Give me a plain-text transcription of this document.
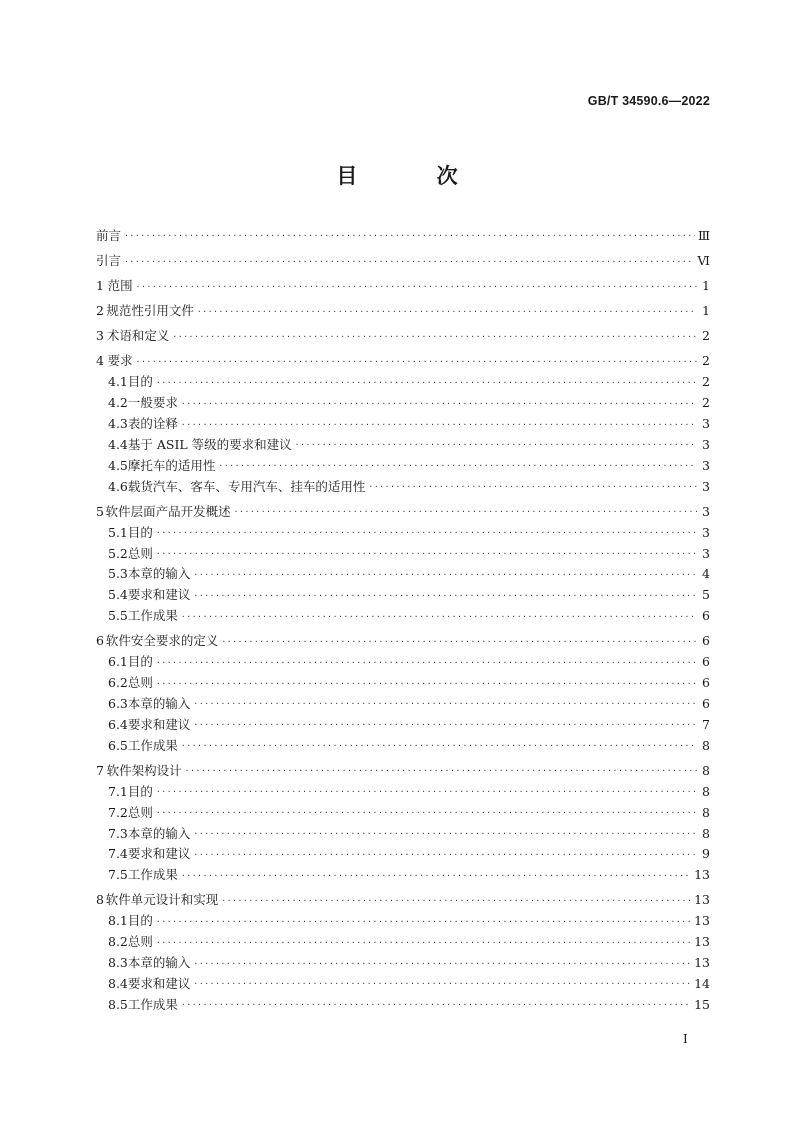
GB/T 34590.6—2022
目 次
前言 ·····	Ⅲ
引言 ·····	Ⅵ
1 范围 ·····	1
2 规范性引用文件 ·····	1
3 术语和定义 ·····	2
4 要求 ·····	2
4.1 目的 ·····	2
4.2 一般要求 ·····	2
4.3 表的诠释 ·····	3
4.4 基于 ASIL 等级的要求和建议 ·····	3
4.5 摩托车的适用性 ·····	3
4.6 载货汽车、客车、专用汽车、挂车的适用性 ·····	3
5 软件层面产品开发概述 ·····	3
5.1 目的 ·····	3
5.2 总则 ·····	3
5.3 本章的输入 ·····	4
5.4 要求和建议 ·····	5
5.5 工作成果 ·····	6
6 软件安全要求的定义 ·····	6
6.1 目的 ·····	6
6.2 总则 ·····	6
6.3 本章的输入 ·····	6
6.4 要求和建议 ·····	7
6.5 工作成果 ·····	8
7 软件架构设计 ·····	8
7.1 目的 ·····	8
7.2 总则 ·····	8
7.3 本章的输入 ·····	8
7.4 要求和建议 ·····	9
7.5 工作成果 ·····	13
8 软件单元设计和实现 ·····	13
8.1 目的 ·····	13
8.2 总则 ·····	13
8.3 本章的输入 ·····	13
8.4 要求和建议 ·····	14
8.5 工作成果 ·····	15
I
